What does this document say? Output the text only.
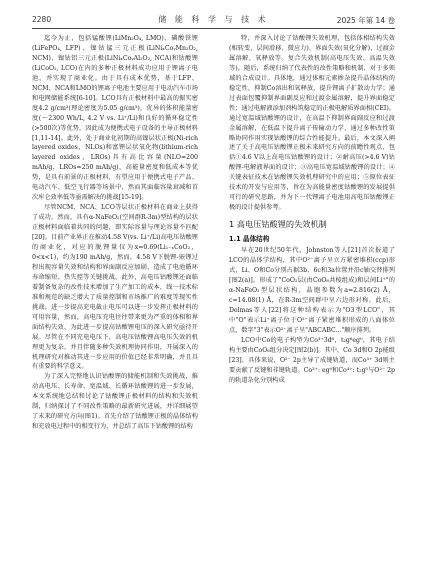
2280	储 能 科 学 与 技 术	2025 年第 14 卷

迄今为止，包括锰酸锂(LiMn₂O₄, LMO)、磷酸铁锂(LiFePO₄, LFP)、镍钴锰三元正极(LiNiₓCoᵧMn₂O₂, NCM)、镍钴铝三元正极(LiNiₓCoᵧAl₂O₂, NCA)和钴酸锂(LiCoO₂, LCO)在内的多种正极材料成功应用于锂离子电池，并实现了商业化。由于具有成本优势，基于LFP、NCM、NCA和LMO的锂离子电池主要应用于电动汽车市场和电网储能系统[6-10]。LCO具有正极材料中最高的振实密度4.2 g/cm³(理论密度为5.05 g/cm³)，优异的体积能量密度(～2300 Wh/L, 4.2 V vs. Li⁺/Li)和良好的循环稳定性(>500次)等优势，因此成为便携式电子设备的主导正极材料[1,11-14]。此外，处于商业化初期的高镍层状正极(Ni-rich layered oxides，NLOs)和富锂层状氧化物(lithium-rich layered oxides，LROs)具有高比容量(NLO≈200 mAh/g，LROs≈250 mAh/g)，高能量密度和低成本等优势，是具有前景的正极材料，有望应用于便携式电子产品、电动汽车、低空飞行器等场景中，然而其面临容量衰减和首次库仑效率低等亟需解决的挑战[15-19]。

尽管NCM、NCA、LCO等层状正极材料在商业上获得了成功，然而，具有α-NaFeO₂(空间群R-3m)型结构的层状正极材料面临着共同的问题，即实际容量与理论容量不匹配[20]。目前产业界正在推动4.58 V(vs. Li⁺/Li)高电压钴酸锂的商业化，对应的脱锂量仅为x=0.69(Li₁₋ₓCoO₂，0<x<1)，约为190 mAh/g，然而，4.58 V下脱锂-嵌锂过程出现容量失效和结构和界面副反应加剧，造成了电池循环寿命缩短、热失控等关键挑战。此外，高电压钴酸锂还面临着制备复杂的改性技术增加了生产加工的成本，线一技术标准和规范的缺乏增大了质量控制和市场推广的难度等现实性挑战。进一步提高充电截止电压可以进一步发挥正极材料的可用容量，然而，高电压充电往往带来更为严重的体相和界面结构失效，为此进一步提高钴酸锂电压的深入研究亟待开展。尽管在不同充电电压下，高电压钴酸锂高电压失效的机理更为复杂，并且伴随多种失效机理协同作用，开展深入的机理研究对推动其进一步应用的价值已经非常明确，并且具有重要的科学意义。

为了深入完整地认识钴酸锂的储能机制和失效挑战，推动高电压、长寿命、宽温域、长循环钴酸锂的进一步发展，本文系统地总结和讨论了钴酸锂正极材料的结构和失效机制，归纳探讨了不同改性策略的最新研究进展，并详细展望了未来的研究方向(图1)。首先介绍了钴酸锂正极的晶体结构和充放电过程中的相变行为，并总结了高压下钴酸锂的结构

特，并深入讨论了钴酸锂失效机理，包括体相结构失效(相转变、层间滑移、微应力)、界面失效(氧化分解)、过渡金属溶解、氧释放等。复合失效机制(高电压失效、高温失效等)。随后，系统归纳了代表性的改性策略和机制，对于多领域的合成设计。具体地，通过体相元素掺杂提升晶体结构的稳定性，抑制Co溶出和氧释放，提升锂离子扩散动力学；通过表面包覆抑制界面副反应和过渡金属溶解，提升界面稳定性；通过电解液添加剂构筑稳定的正极电解质界面相(CEI)。通过宽温域钴酸锂的设计，在高温下抑制界面副反应和过渡金属溶解，在低温下提升离子传输动力学，通过多种改性策略协同作用实现钴酸锂的综合性能提升。最后，本文深入阐述了关于高电压钴酸锂正极未来研究方向的前瞻性观点，包括①4.6 V以上高电压钴酸锂的设计；②耐高压(>4.6 V)钴酸锂-电解液界面的设计；③高电压宽温域钴酸锂的设计；④关键表征技术在钴酸锂失效机理研究中的应用；⑤原位表征技术的开发与应用等，旨在为高能量密度钴酸锂的发展提供可行的研究思路，并为下一代锂离子电池用高电压钴酸锂正极的设计提供参考。

1 高电压钴酸锂的失效机制
1.1 晶体结构

早在20世纪50年代，Johnston等人[21]首次报道了LCO的晶体学结构，其中O²⁻离子呈立方紧密堆积(ccp)形式，Li、O和Co分别占据3b、6c和3a位置并沿c轴交替排列[图2(a)]。形成了"CoO₂层(由CoO₆共棱组成)和层间Li⁺"的α-NaFeO₂型层状结构，晶胞参数为a=2.816(2) Å，c=14.08(1) Å，在R-3m空间群中呈六边形对称。此后，Delmas等人[22]将这种结构表示为"O3型LCO"，其中"O"表示Li⁺离子位于O²⁻离子紧密堆积形成的八面体位点，数字"3"表示O²⁻离子呈"ABCABC..."顺序排列。

LCO中Co的电子构型为Co³⁺3d⁶，t₂g⁶eg⁰，其电子结构主要由CoO₆组分决定[图2(b)]。其中，Co 3d和O 2p能级[23]。具体来说，O²⁻ 2p主导了成键轨道，而Co³⁺ 3d则主要贡献了反键和非键轨道。Co³⁺: eg⁰和Co⁴⁺: t₂g⁵与O²⁻ 2p的轨道杂化分别构成
